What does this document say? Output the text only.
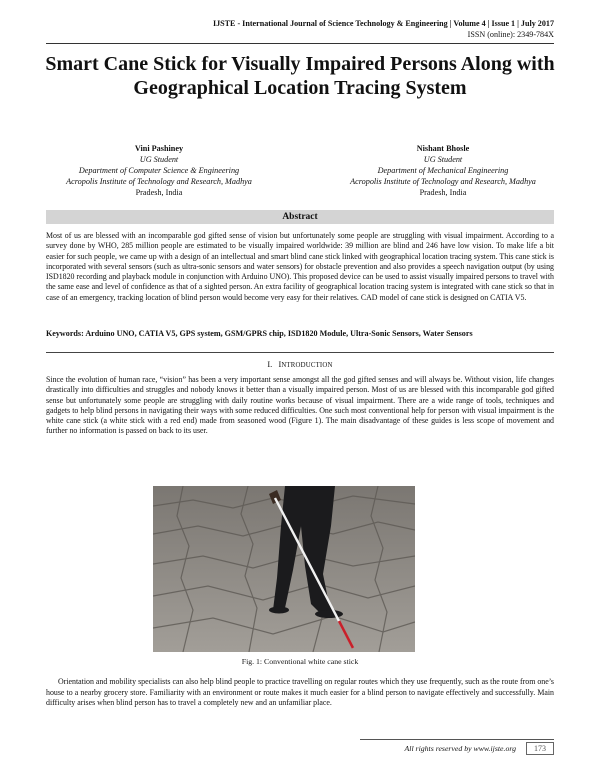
IJSTE - International Journal of Science Technology & Engineering | Volume 4 | Issue 1 | July 2017
ISSN (online): 2349-784X
Smart Cane Stick for Visually Impaired Persons Along with Geographical Location Tracing System
Vini Pashiney
UG Student
Department of Computer Science & Engineering
Acropolis Institute of Technology and Research, Madhya
Pradesh, India
Nishant Bhosle
UG Student
Department of Mechanical Engineering
Acropolis Institute of Technology and Research, Madhya
Pradesh, India
Abstract
Most of us are blessed with an incomparable god gifted sense of vision but unfortunately some people are struggling with visual impairment. According to a survey done by WHO, 285 million people are estimated to be visually impaired worldwide: 39 million are blind and 246 have low vision. To make life a bit easier for such people, we came up with a design of an intellectual and smart blind cane stick linked with geographical location tracing system. This cane stick is incorporated with several sensors (such as ultra-sonic sensors and water sensors) for obstacle prevention and also provides a speech navigation output (by using ISD1820 recording and playback module in conjunction with Arduino UNO). This proposed device can be used to assist visually impaired persons to travel with the same ease and level of confidence as that of a sighted person. An extra facility of geographical location tracing system is integrated with cane stick so that in case of an emergency, tracking location of blind person would become very easy for their relatives. CAD model of cane stick is designed on CATIA V5.
Keywords: Arduino UNO, CATIA V5, GPS system, GSM/GPRS chip, ISD1820 Module, Ultra-Sonic Sensors, Water Sensors
I. INTRODUCTION
Since the evolution of human race, “vision” has been a very important sense amongst all the god gifted senses and will always be. Without vision, life changes drastically into difficulties and struggles and nobody knows it better than a visually impaired person. Most of us are blessed with this incomparable god gifted sense but unfortunately some people are struggling with daily routine works because of visual impairment. There are a wide range of tools, techniques and gadgets to help blind persons in navigating their ways with some reduced difficulties. One such most conventional help for person with visual impairment is the white cane stick (a white stick with a red end) made from seasoned wood (Figure 1). The main disadvantage of these guides is less scope of movement and further no information is passed on back to its user.
Fig. 1: Conventional white cane stick
Orientation and mobility specialists can also help blind people to practice travelling on regular routes which they use frequently, such as the route from one’s house to a nearby grocery store. Familiarity with an environment or route makes it much easier for a blind person to navigate effectively and successfully. Main difficulty arises when blind person has to travel a completely new and an unfamiliar place.
All rights reserved by www.ijste.org	173
